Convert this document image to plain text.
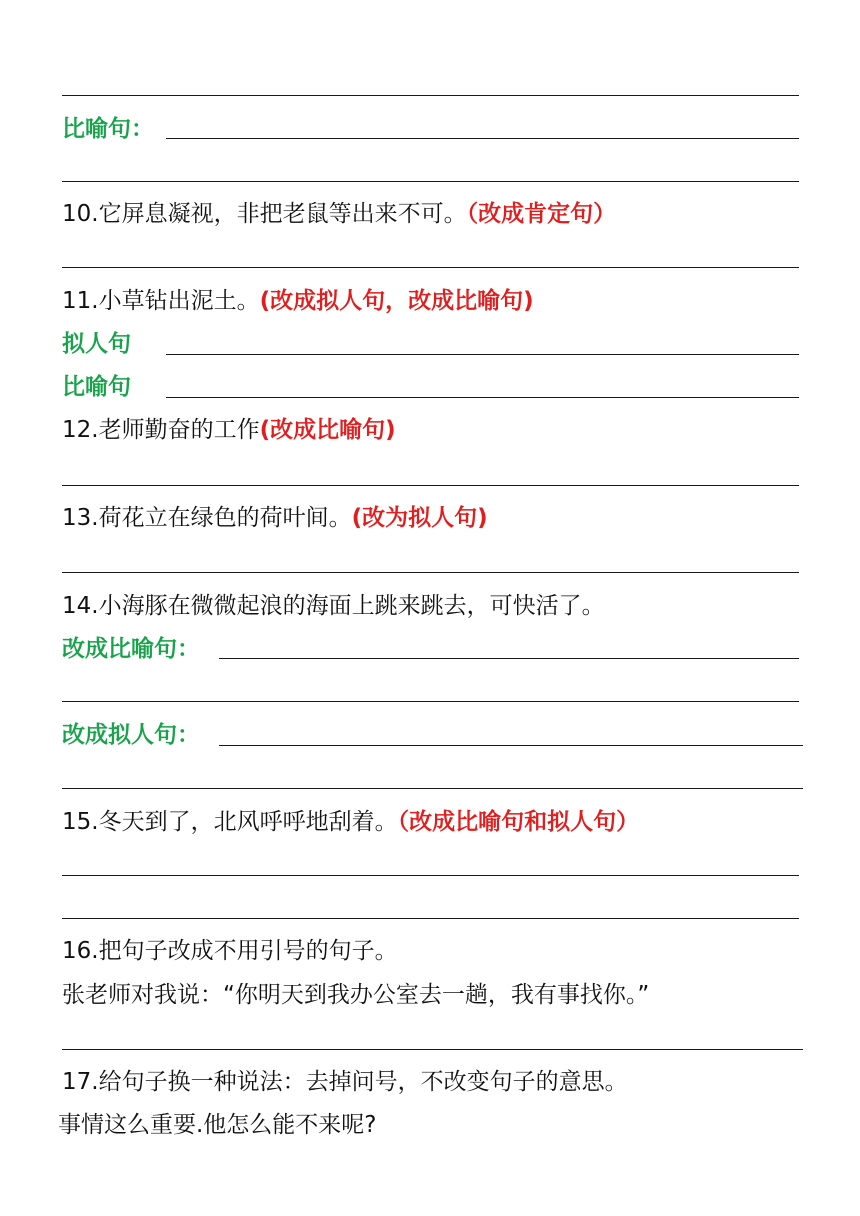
比喻句：
10.它屏息凝视，非把老鼠等出来不可。（改成肯定句）
11.小草钻出泥土。(改成拟人句，改成比喻句)
拟人句
比喻句
12.老师勤奋的工作(改成比喻句)
13.荷花立在绿色的荷叶间。(改为拟人句)
14.小海豚在微微起浪的海面上跳来跳去，可快活了。
改成比喻句：
改成拟人句：
15.冬天到了，北风呼呼地刮着。（改成比喻句和拟人句）
16.把句子改成不用引号的句子。
张老师对我说：“你明天到我办公室去一趟，我有事找你。”
17.给句子换一种说法：去掉问号，不改变句子的意思。
事情这么重要.他怎么能不来呢?
